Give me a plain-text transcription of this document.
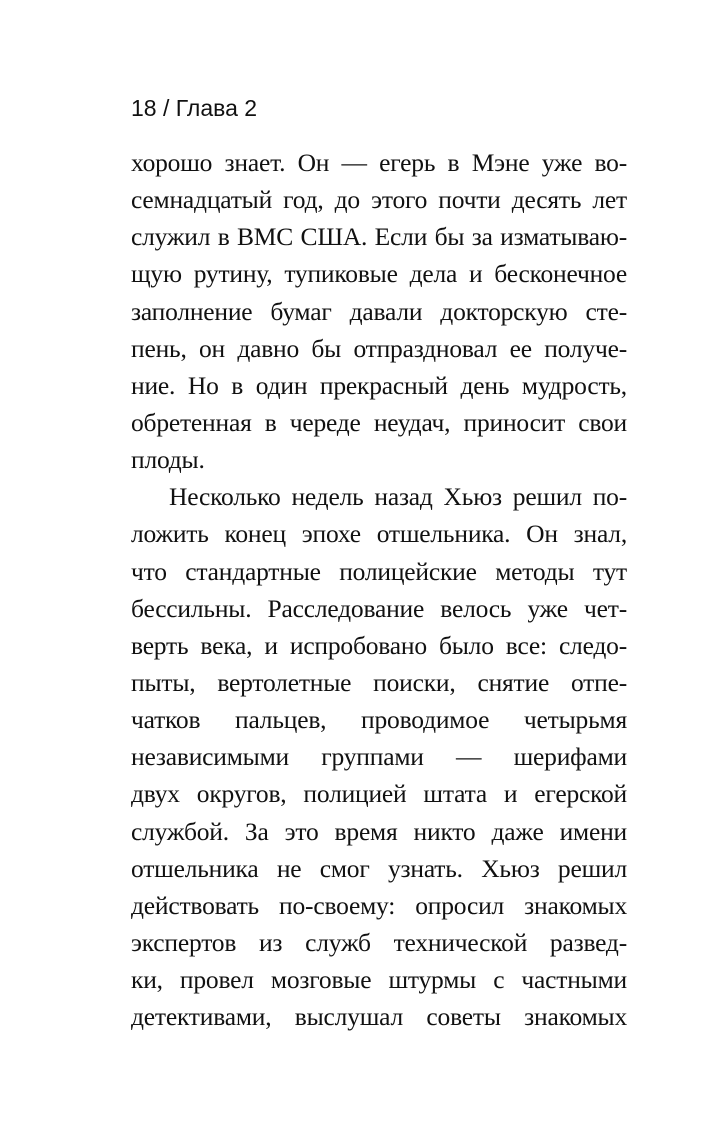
18 / Глава 2
хорошо знает. Он — егерь в Мэне уже во-
семнадцатый год, до этого почти десять лет
служил в ВМС США. Если бы за изматываю-
щую рутину, тупиковые дела и бесконечное
заполнение бумаг давали докторскую сте-
пень, он давно бы отпраздновал ее получе-
ние. Но в один прекрасный день мудрость,
обретенная в череде неудач, приносит свои
плоды.
Несколько недель назад Хьюз решил по-
ложить конец эпохе отшельника. Он знал,
что стандартные полицейские методы тут
бессильны. Расследование велось уже чет-
верть века, и испробовано было все: следо-
пыты, вертолетные поиски, снятие отпе-
чатков пальцев, проводимое четырьмя
независимыми группами — шерифами
двух округов, полицией штата и егерской
службой. За это время никто даже имени
отшельника не смог узнать. Хьюз решил
действовать по-своему: опросил знакомых
экспертов из служб технической развед-
ки, провел мозговые штурмы с частными
детективами, выслушал советы знакомых
